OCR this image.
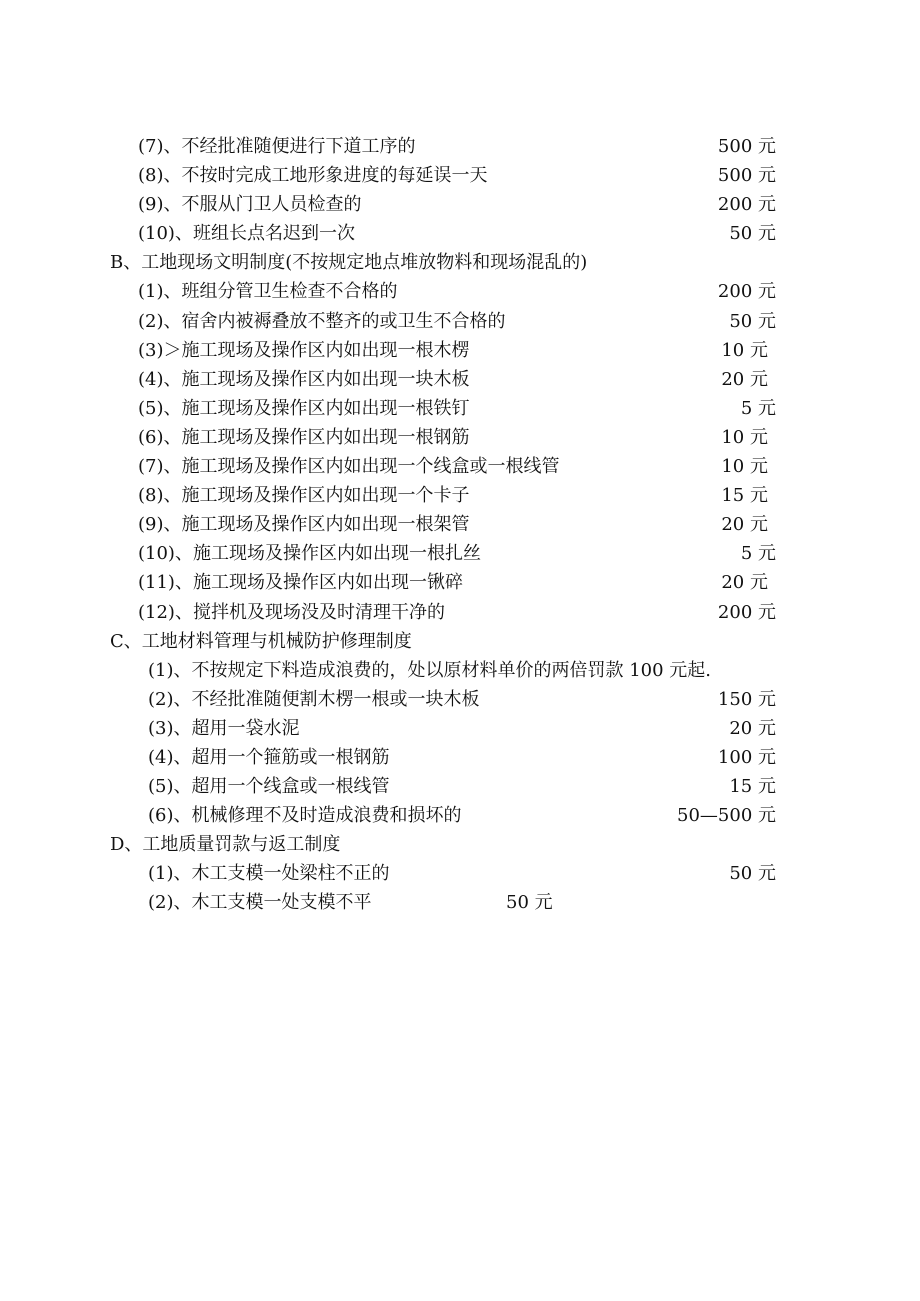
(7)、不经批准随便进行下道工序的	500 元
(8)、不按时完成工地形象进度的每延误一天	500 元
(9)、不服从门卫人员检查的	200 元
(10)、班组长点名迟到一次	50 元
B、工地现场文明制度(不按规定地点堆放物料和现场混乱的)
(1)、班组分管卫生检查不合格的	200 元
(2)、宿舍内被褥叠放不整齐的或卫生不合格的	50 元
(3)＞施工现场及操作区内如出现一根木楞	10 元
(4)、施工现场及操作区内如出现一块木板	20 元
(5)、施工现场及操作区内如出现一根铁钉	5 元
(6)、施工现场及操作区内如出现一根钢筋	10 元
(7)、施工现场及操作区内如出现一个线盒或一根线管	10 元
(8)、施工现场及操作区内如出现一个卡子	15 元
(9)、施工现场及操作区内如出现一根架管	20 元
(10)、施工现场及操作区内如出现一根扎丝	5 元
(11)、施工现场及操作区内如出现一锹碎	20 元
(12)、搅拌机及现场没及时清理干净的	200 元
C、工地材料管理与机械防护修理制度
(1)、不按规定下料造成浪费的，处以原材料单价的两倍罚款 100 元起.
(2)、不经批准随便割木楞一根或一块木板	150 元
(3)、超用一袋水泥	20 元
(4)、超用一个箍筋或一根钢筋	100 元
(5)、超用一个线盒或一根线管	15 元
(6)、机械修理不及时造成浪费和损坏的	50—500 元
D、工地质量罚款与返工制度
(1)、木工支模一处梁柱不正的	50 元
(2)、木工支模一处支模不平	50 元
